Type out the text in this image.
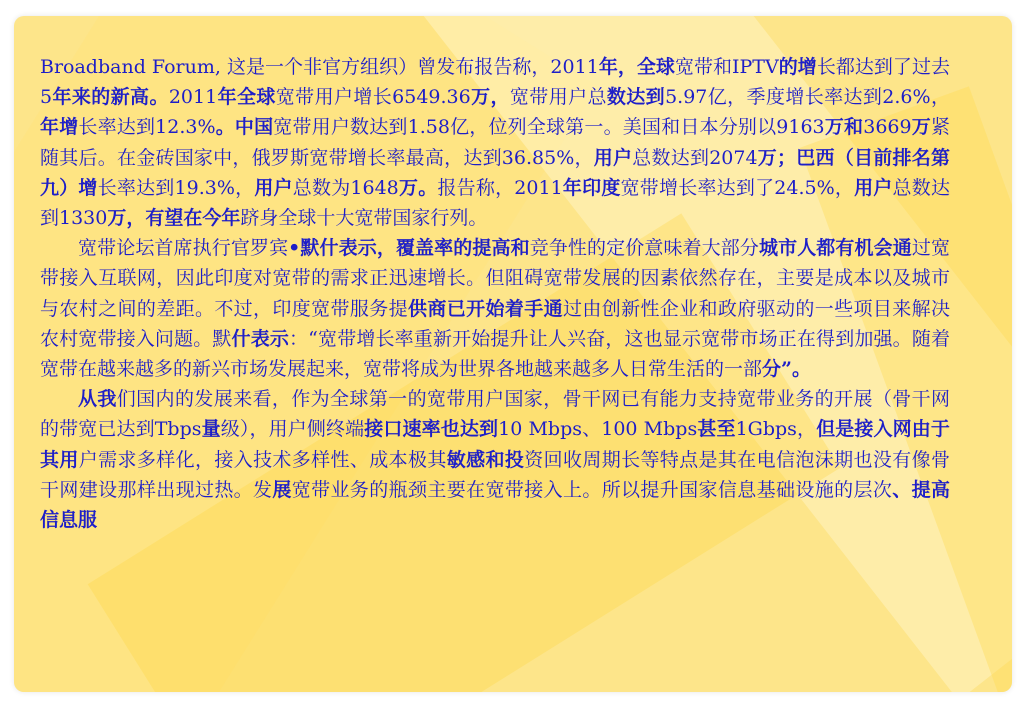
Broadband Forum, 这是一个非官方组织）曾发布报告称，2011年，全球宽带和IPTV的增长都达到了过去5年来的新高。2011年全球宽带用户增长6549.36万，宽带用户总数达到5.97亿，季度增长率达到2.6%，年增长率达到12.3%。中国宽带用户数达到1.58亿，位列全球第一。美国和日本分别以9163万和3669万紧随其后。在金砖国家中，俄罗斯宽带增长率最高，达到36.85%，用户总数达到2074万；巴西（目前排名第九）增长率达到19.3%，用户总数为1648万。报告称，2011年印度宽带增长率达到了24.5%，用户总数达到1330万，有望在今年跻身全球十大宽带国家行列。

宽带论坛首席执行官罗宾•默什表示，覆盖率的提高和竞争性的定价意味着大部分城市人都有机会通过宽带接入互联网，因此印度对宽带的需求正迅速增长。但阻碍宽带发展的因素依然存在，主要是成本以及城市与农村之间的差距。不过，印度宽带服务提供商已开始着手通过由创新性企业和政府驱动的一些项目来解决农村宽带接入问题。默什表示：“宽带增长率重新开始提升让人兴奋，这也显示宽带市场正在得到加强。随着宽带在越来越多的新兴市场发展起来，宽带将成为世界各地越来越多人日常生活的一部分”。

从我们国内的发展来看，作为全球第一的宽带用户国家，骨干网已有能力支持宽带业务的开展（骨干网的带宽已达到Tbps量级），用户侧终端接口速率也达到10 Mbps、100 Mbps甚至1Gbps，但是接入网由于其用户需求多样化，接入技术多样性、成本极其敏感和投资回收周期长等特点是其在电信泡沫期也没有像骨干网建设那样出现过热。发展宽带业务的瓶颈主要在宽带接入上。所以提升国家信息基础设施的层次、提高信息服
